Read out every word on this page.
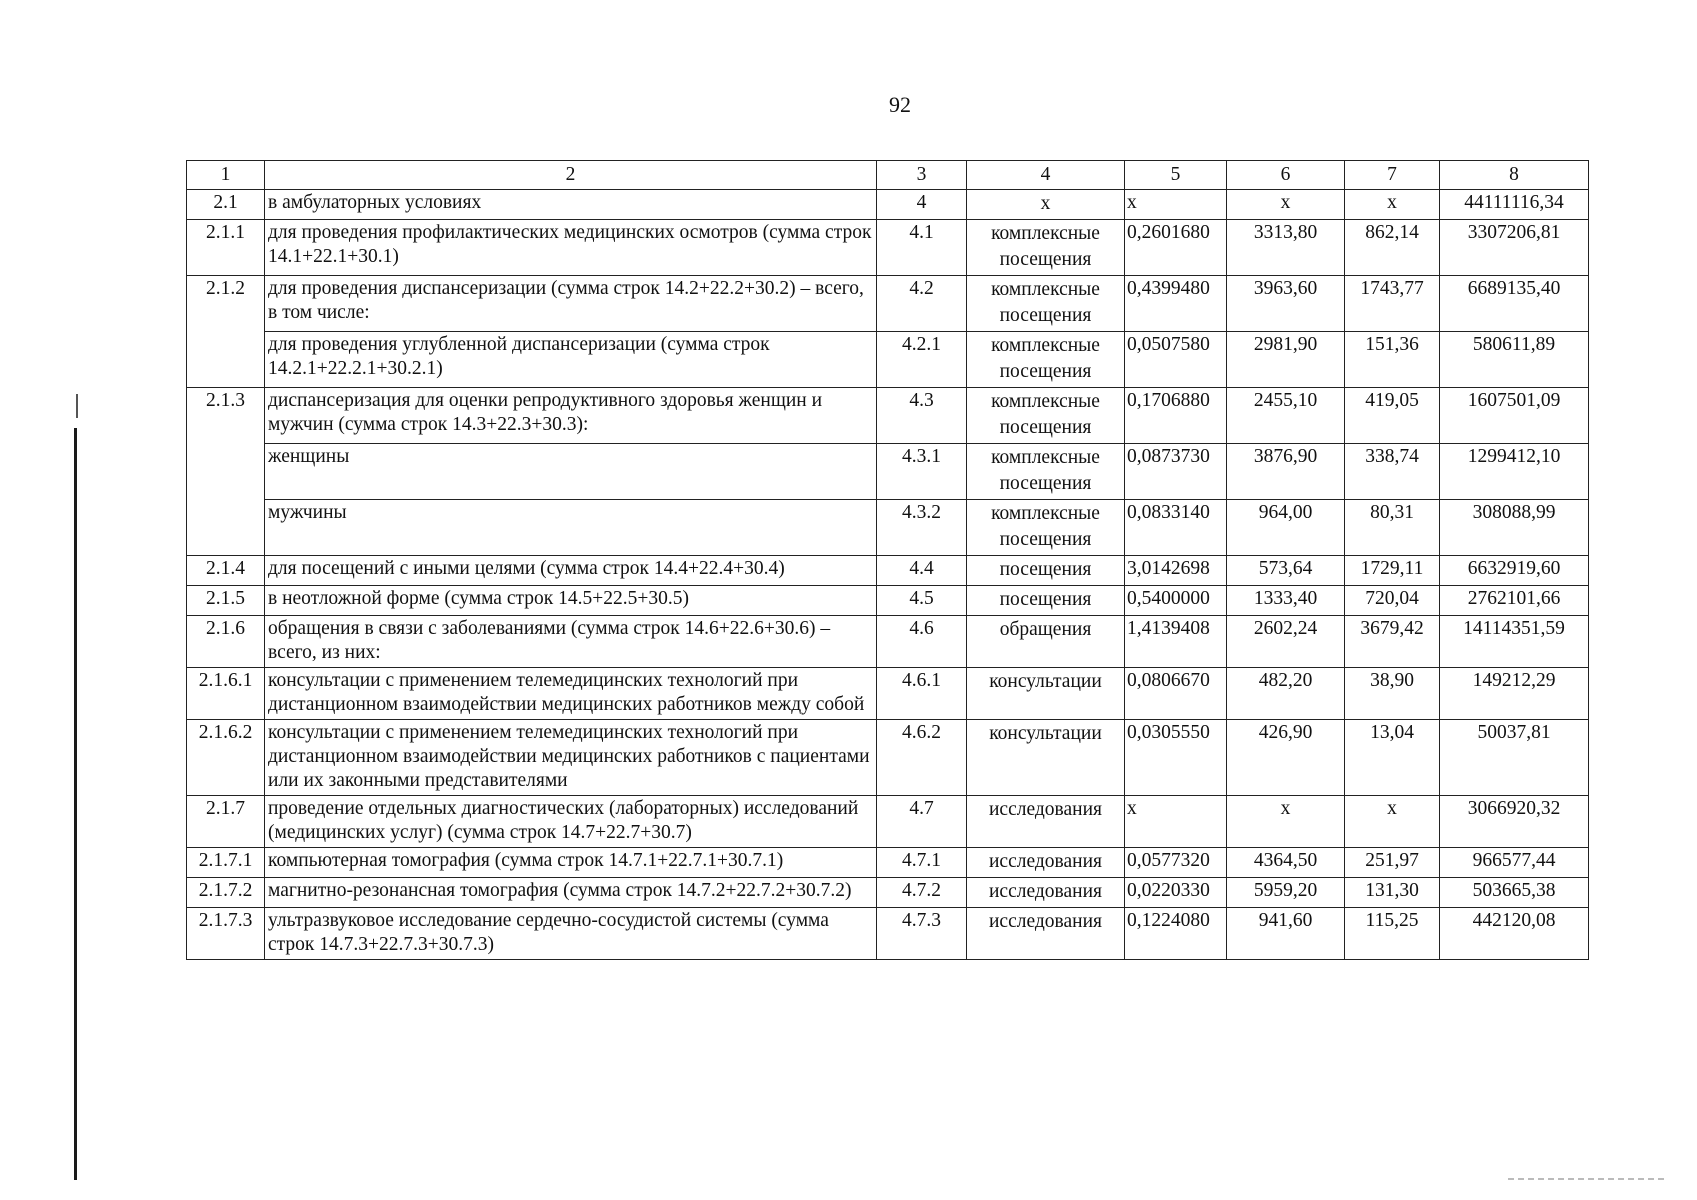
92
1	2	3	4	5	6	7	8
2.1	в амбулаторных условиях	4	х	х	х	х	44111116,34
2.1.1	для проведения профилактических медицинских осмотров (сумма строк 14.1+22.1+30.1)	4.1	комплексные посещения	0,2601680	3313,80	862,14	3307206,81
2.1.2	для проведения диспансеризации (сумма строк 14.2+22.2+30.2) – всего, в том числе:	4.2	комплексные посещения	0,4399480	3963,60	1743,77	6689135,40
	для проведения углубленной диспансеризации (сумма строк 14.2.1+22.2.1+30.2.1)	4.2.1	комплексные посещения	0,0507580	2981,90	151,36	580611,89
2.1.3	диспансеризация для оценки репродуктивного здоровья женщин и мужчин (сумма строк 14.3+22.3+30.3):	4.3	комплексные посещения	0,1706880	2455,10	419,05	1607501,09
	женщины	4.3.1	комплексные посещения	0,0873730	3876,90	338,74	1299412,10
	мужчины	4.3.2	комплексные посещения	0,0833140	964,00	80,31	308088,99
2.1.4	для посещений с иными целями (сумма строк 14.4+22.4+30.4)	4.4	посещения	3,0142698	573,64	1729,11	6632919,60
2.1.5	в неотложной форме (сумма строк 14.5+22.5+30.5)	4.5	посещения	0,5400000	1333,40	720,04	2762101,66
2.1.6	обращения в связи с заболеваниями (сумма строк 14.6+22.6+30.6) – всего, из них:	4.6	обращения	1,4139408	2602,24	3679,42	14114351,59
2.1.6.1	консультации с применением телемедицинских технологий при дистанционном взаимодействии медицинских работников между собой	4.6.1	консультации	0,0806670	482,20	38,90	149212,29
2.1.6.2	консультации с применением телемедицинских технологий при дистанционном взаимодействии медицинских работников с пациентами или их законными представителями	4.6.2	консультации	0,0305550	426,90	13,04	50037,81
2.1.7	проведение отдельных диагностических (лабораторных) исследований (медицинских услуг) (сумма строк 14.7+22.7+30.7)	4.7	исследования	х	х	х	3066920,32
2.1.7.1	компьютерная томография (сумма строк 14.7.1+22.7.1+30.7.1)	4.7.1	исследования	0,0577320	4364,50	251,97	966577,44
2.1.7.2	магнитно-резонансная томография (сумма строк 14.7.2+22.7.2+30.7.2)	4.7.2	исследования	0,0220330	5959,20	131,30	503665,38
2.1.7.3	ультразвуковое исследование сердечно-сосудистой системы (сумма строк 14.7.3+22.7.3+30.7.3)	4.7.3	исследования	0,1224080	941,60	115,25	442120,08
